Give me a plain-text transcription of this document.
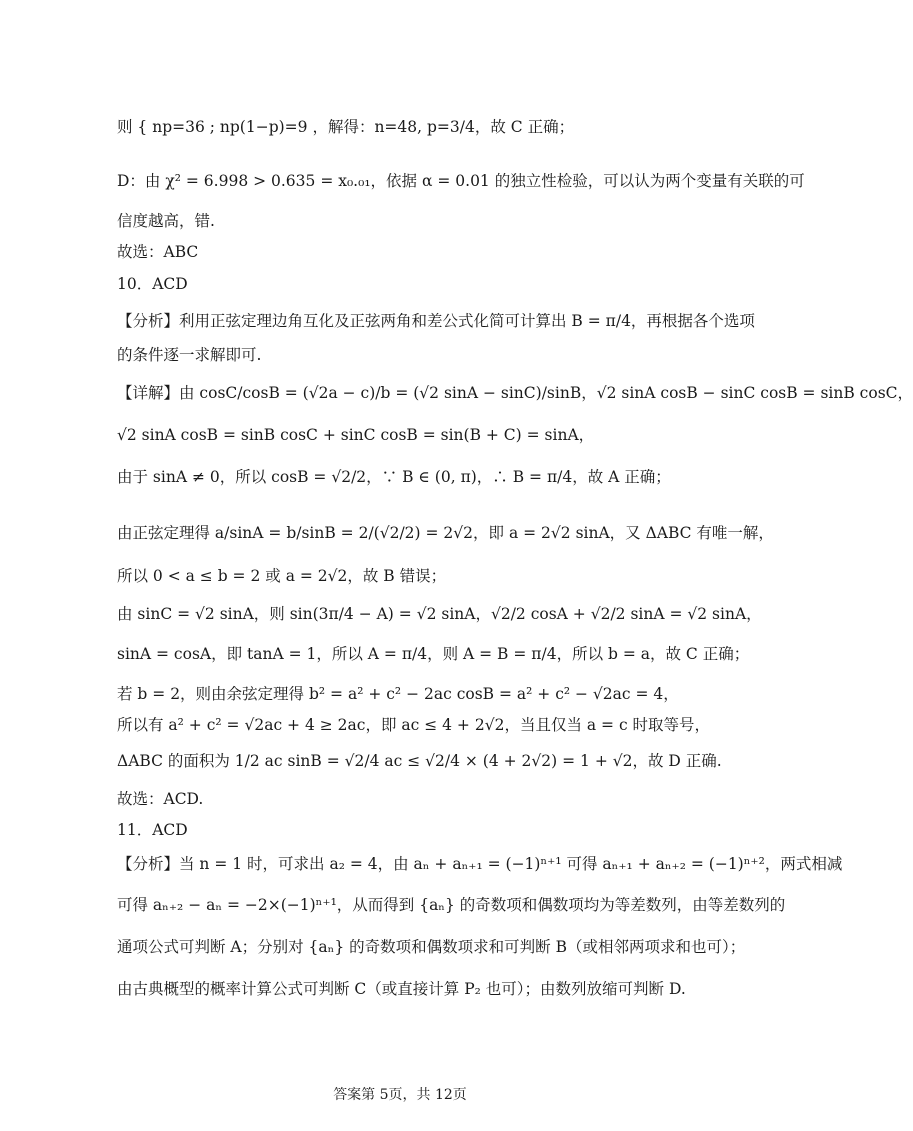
则 { np=36 ; np(1−p)=9 ，解得：n=48, p=3/4，故 C 正确；
D：由 χ² = 6.998 > 0.635 = x₀.₀₁，依据 α = 0.01 的独立性检验，可以认为两个变量有关联的可
信度越高，错.
故选：ABC
10．ACD
【分析】利用正弦定理边角互化及正弦两角和差公式化简可计算出 B = π/4，再根据各个选项
的条件逐一求解即可.
【详解】由 cosC/cosB = (√2a − c)/b = (√2 sinA − sinC)/sinB，√2 sinA cosB − sinC cosB = sinB cosC，
√2 sinA cosB = sinB cosC + sinC cosB = sin(B + C) = sinA，
由于 sinA ≠ 0，所以 cosB = √2/2，∵ B ∈ (0, π)，∴ B = π/4，故 A 正确；
由正弦定理得 a/sinA = b/sinB = 2/(√2/2) = 2√2，即 a = 2√2 sinA，又 ΔABC 有唯一解，
所以 0 < a ≤ b = 2 或 a = 2√2，故 B 错误；
由 sinC = √2 sinA，则 sin(3π/4 − A) = √2 sinA，√2/2 cosA + √2/2 sinA = √2 sinA，
sinA = cosA，即 tanA = 1，所以 A = π/4，则 A = B = π/4，所以 b = a，故 C 正确；
若 b = 2，则由余弦定理得 b² = a² + c² − 2ac cosB = a² + c² − √2ac = 4，
所以有 a² + c² = √2ac + 4 ≥ 2ac，即 ac ≤ 4 + 2√2，当且仅当 a = c 时取等号，
ΔABC 的面积为 1/2 ac sinB = √2/4 ac ≤ √2/4 × (4 + 2√2) = 1 + √2，故 D 正确.
故选：ACD.
11．ACD
【分析】当 n = 1 时，可求出 a₂ = 4，由 aₙ + aₙ₊₁ = (−1)ⁿ⁺¹ 可得 aₙ₊₁ + aₙ₊₂ = (−1)ⁿ⁺²，两式相减
可得 aₙ₊₂ − aₙ = −2×(−1)ⁿ⁺¹，从而得到 {aₙ} 的奇数项和偶数项均为等差数列，由等差数列的
通项公式可判断 A；分别对 {aₙ} 的奇数项和偶数项求和可判断 B（或相邻两项求和也可）；
由古典概型的概率计算公式可判断 C（或直接计算 P₂ 也可）；由数列放缩可判断 D.
答案第 5页，共 12页
